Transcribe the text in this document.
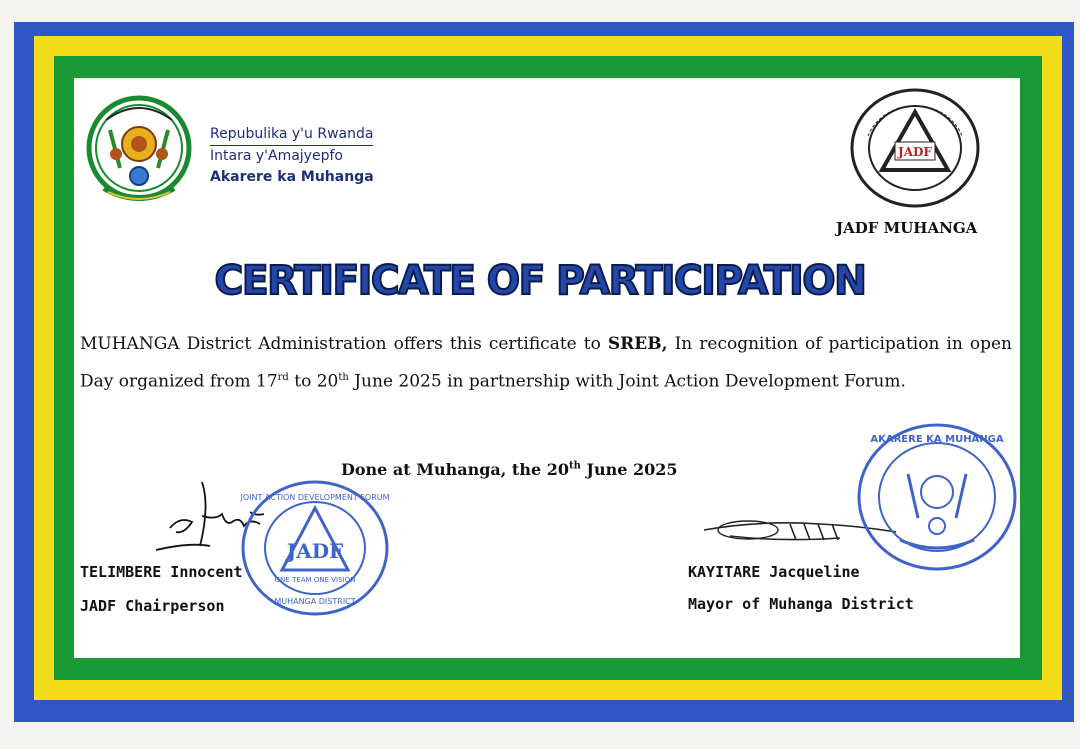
Repubulika y'u Rwanda
Intara y'Amajyepfo
Akarere ka Muhanga
JADF
JADF MUHANGA
CERTIFICATE OF PARTICIPATION
MUHANGA District Administration offers this certificate to SREB, In recognition of participation in open Day organized from 17rd to 20th June 2025 in partnership with Joint Action Development Forum.
Done at Muhanga, the 20th June 2025
JADF
JOINT ACTION DEVELOPMENT FORUM
ONE TEAM ONE VISION
MUHANGA DISTRICT
AKARERE KA MUHANGA
TELIMBERE Innocent
JADF Chairperson
KAYITARE Jacqueline
Mayor of Muhanga District
